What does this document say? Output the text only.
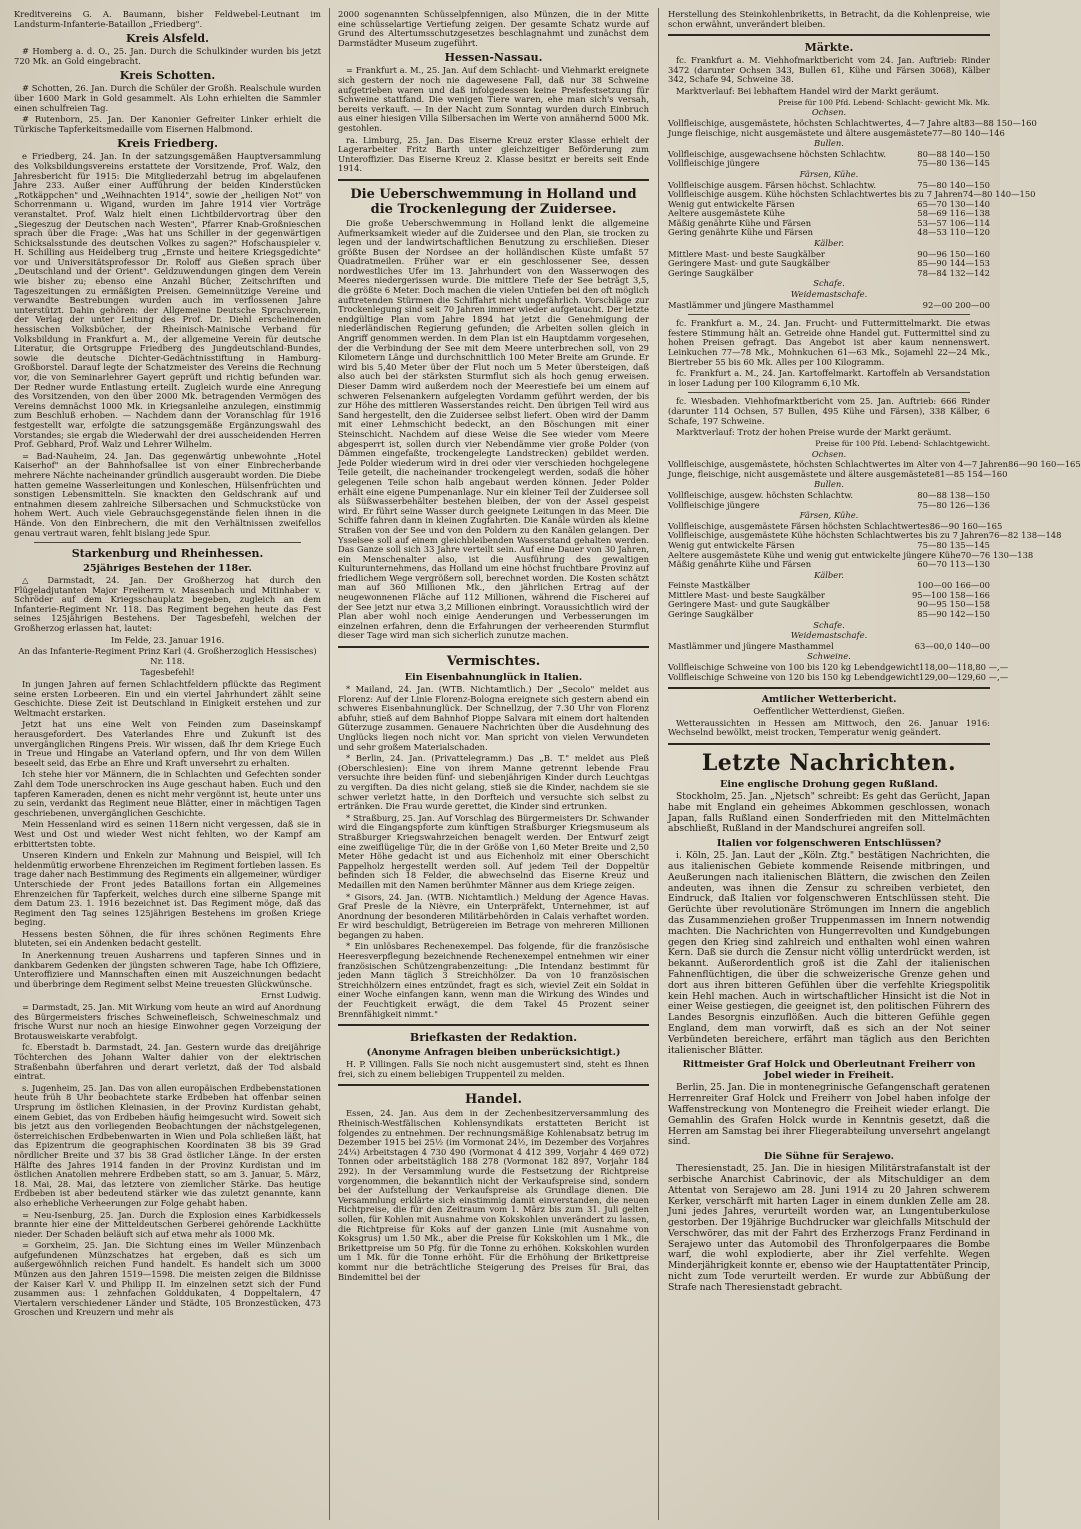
Kreditvereins G. A. Baumann, bisher Feldwebel-Leutnant im Landsturm-Infanterie-Bataillon „Friedberg".

Kreis Alsfeld.

# Homberg a. d. O., 25. Jan. Durch die Schulkinder wurden bis jetzt 720 Mk. an Gold eingebracht.

Kreis Schotten.

# Schotten, 26. Jan. Durch die Schüler der Großh. Realschule wurden über 1600 Mark in Gold gesammelt. Als Lohn erhielten die Sammler einen schulfreien Tag.

# Rutenborn, 25. Jan. Der Kanonier Gefreiter Linker erhielt die Türkische Tapferkeitsmedaille vom Eisernen Halbmond.

Kreis Friedberg.

e Friedberg, 24. Jan. In der satzungsgemäßen Hauptversammlung des Volksbildungsvereins erstattete der Vorsitzende, Prof. Walz, den Jahresbericht für 1915: Die Mitgliederzahl betrug im abgelaufenen Jahre 233. Außer einer Aufführung der beiden Kinderstücken „Rotkäppchen" und „Weihnachten 1914", sowie der „heiligen Not" von Schorrenmann u. Wigand, wurden im Jahre 1914 vier Vorträge veranstaltet. Prof. Walz hielt einen Lichtbildervortrag über den „Siegeszug der Deutschen nach Westen", Pfarrer Knab-Großnieschen sprach über die Frage: „Was hat uns Schiller in der gegenwärtigen Schicksalsstunde des deutschen Volkes zu sagen?" Hofschauspieler v. H. Schilling aus Heidelberg trug „Ernste und heitere Kriegsgedichte" vor und Universitätsprofessor Dr. Roloff aus Gießen sprach über „Deutschland und der Orient". Geldzuwendungen gingen dem Verein wie bisher zu; ebenso eine Anzahl Bücher, Zeitschriften und Tageszeitungen zu ermäßigten Preisen. Gemeinnützige Vereine und verwandte Bestrebungen wurden auch im verflossenen Jahre unterstützt. Dahin gehören: der Allgemeine Deutsche Sprachverein, der Verlag der unter Leitung des Prof. Dr. Diehl erscheinenden hessischen Volksbücher, der Rheinisch-Mainische Verband für Volksbildung in Frankfurt a. M., der allgemeine Verein für deutsche Literatur, die Ortsgruppe Friedberg des Jungdeutschland-Bundes, sowie die deutsche Dichter-Gedächtnisstiftung in Hamburg-Großborstel. Darauf legte der Schatzmeister des Vereins die Rechnung vor, die von Seminarlehrer Gayert geprüft und richtig befunden war. Der Redner wurde Entlastung erteilt. Zugleich wurde eine Anregung des Vorsitzenden, von den über 2000 Mk. betragenden Vermögen des Vereins demnächst 1000 Mk. in Kriegsanleihe anzulegen, einstimmig zum Beschluß erhoben. — Nachdem dann der Voranschlag für 1916 festgestellt war, erfolgte die satzungsgemäße Ergänzungswahl des Vorstandes; sie ergab die Wiederwahl der drei ausscheidenden Herren Prof. Gebhard, Prof. Walz und Lehrer Wilhelm.

= Bad-Nauheim, 24. Jan. Das gegenwärtig unbewohnte „Hotel Kaiserhof" an der Bahnhofsallee ist von einer Einbrecherbande mehrere Nächte nacheinander gründlich ausgeraubt worden. Die Diebe hatten gemeine Wasserleitungen und Konleschen, Hülsenfrüchten und sonstigen Lebensmitteln. Sie knackten den Geldschrank auf und entnahmen diesem zahlreiche Silbersachen und Schmuckstücke von hohem Wert. Auch viele Gebrauchsgegenstände fielen ihnen in die Hände. Von den Einbrechern, die mit den Verhältnissen zweifellos genau vertraut waren, fehlt bislang jede Spur.

Starkenburg und Rheinhessen.
25jähriges Bestehen der 118er.

△ Darmstadt, 24. Jan. Der Großherzog hat durch den Flügeladjutanten Major Freiherrn v. Massenbach und Mitinhaber v. Schröder auf dem Kriegsschauplatz begeben, zugleich an dem Infanterie-Regiment Nr. 118. Das Regiment begehen heute das Fest seines 125jährigen Bestehens. Der Tagesbefehl, welchen der Großherzog erlassen hat, lautet:

Im Felde, 23. Januar 1916.

An das Infanterie-Regiment Prinz Karl (4. Großherzoglich Hessisches) Nr. 118.

Tagesbefehl!

In jungen Jahren auf fernen Schlachtfeldern pflückte das Regiment seine ersten Lorbeeren. Ein und ein viertel Jahrhundert zählt seine Geschichte. Diese Zeit ist Deutschland in Einigkeit erstehen und zur Weltmacht erstarken.

Jetzt hat uns eine Welt von Feinden zum Daseinskampf herausgefordert. Des Vaterlandes Ehre und Zukunft ist des unvergänglichen Ringens Preis. Wir wissen, daß Ihr dem Kriege Euch in Treue und Hingabe an Vaterland opfern, und Ihr von dem Willen beseelt seid, das Erbe an Ehre und Kraft unversehrt zu erhalten.

Ich stehe hier vor Männern, die in Schlachten und Gefechten sonder Zahl dem Tode unerschrocken ins Auge geschaut haben. Euch und den tapferen Kameraden, denen es nicht mehr vergönnt ist, heute unter uns zu sein, verdankt das Regiment neue Blätter, einer in mächtigen Tagen geschriebenen, unvergänglichen Geschichte.

Mein Hessenland wird es seinen 118ern nicht vergessen, daß sie in West und Ost und wieder West nicht fehlten, wo der Kampf am erbittertsten tobte.

Unseren Kindern und Enkeln zur Mahnung und Beispiel, will Ich heldenmütig erworbene Ehrenzeichen im Regiment fortleben lassen. Es trage daher nach Bestimmung des Regiments ein allgemeiner, würdiger Unterschiede der Front jedes Bataillons fortan ein Allgemeines Ehrenzeichen für Tapferkeit, welches durch eine silberne Spange mit dem Datum 23. 1. 1916 bezeichnet ist. Das Regiment möge, daß das Regiment den Tag seines 125jährigen Bestehens im großen Kriege beging.

Hessens besten Söhnen, die für ihres schönen Regiments Ehre bluteten, sei ein Andenken bedacht gestellt.

In Anerkennung treuen Ausharrens und tapferen Sinnes und in dankbarem Gedenken der jüngsten schweren Tage, habe Ich Offiziere, Unteroffiziere und Mannschaften einen mit Auszeichnungen bedacht und überbringe dem Regiment selbst Meine treuesten Glückwünsche.

Ernst Ludwig.

= Darmstadt, 25. Jan. Mit Wirkung vom heute an wird auf Anordnung des Bürgermeisters frisches Schweinefleisch, Schweineschmalz und frische Wurst nur noch an hiesige Einwohner gegen Vorzeigung der Brotausweiskarte verabfolgt.

fc. Eberstadt b. Darmstadt, 24. Jan. Gestern wurde das dreijährige Töchterchen des Johann Walter dahier von der elektrischen Straßenbahn überfahren und derart verletzt, daß der Tod alsbald eintrat.

s. Jugenheim, 25. Jan. Das von allen europäischen Erdbebenstationen heute früh 8 Uhr beobachtete starke Erdbeben hat offenbar seinen Ursprung im östlichen Kleinasien, in der Provinz Kurdistan gehabt, einem Gebiet, das von Erdbeben häufig heimgesucht wird. Soweit sich bis jetzt aus den vorliegenden Beobachtungen der nächstgelegenen, österreichischen Erdbebenwarten in Wien und Pola schließen läßt, hat das Epizentrum die geographischen Koordinaten 38 bis 39 Grad nördlicher Breite und 37 bis 38 Grad östlicher Länge. In der ersten Hälfte des Jahres 1914 fanden in der Provinz Kurdistan und im östlichen Anatolien mehrere Erdbeben statt, so am 3. Januar, 5. März, 18. Mai, 28. Mai, das letztere von ziemlicher Stärke. Das heutige Erdbeben ist aber bedeutend stärker wie das zuletzt genannte, kann also erhebliche Verheerungen zur Folge gehabt haben.

= Neu-Isenburg, 25. Jan. Durch die Explosion eines Karbidkessels brannte hier eine der Mitteldeutschen Gerberei gehörende Lackhütte nieder. Der Schaden beläuft sich auf etwa mehr als 1000 Mk.

= Gorxheim, 25. Jan. Die Sichtung eines im Weiler Münzenbach aufgefundenen Münzschatzes hat ergeben, daß es sich um außergewöhnlich reichen Fund handelt. Es handelt sich um 3000 Münzen aus den Jahren 1519—1598. Die meisten zeigen die Bildnisse der Kaiser Karl V. und Philipp II. Im einzelnen setzt sich der Fund zusammen aus: 1 zehnfachen Golddukaten, 4 Doppeltalern, 47 Viertalern verschiedener Länder und Städte, 105 Bronzestücken, 473 Groschen und Kreuzern und mehr als

2000 sogenannten Schüsselpfennigen, also Münzen, die in der Mitte eine schüsselartige Vertiefung zeigen. Der gesamte Schatz wurde auf Grund des Altertumsschutzgesetzes beschlagnahmt und zunächst dem Darmstädter Museum zugeführt.

Hessen-Nassau.

= Frankfurt a. M., 25. Jan. Auf dem Schlacht- und Viehmarkt ereignete sich gestern der noch nie dagewesene Fall, daß nur 38 Schweine aufgetrieben waren und daß infolgedessen keine Preisfestsetzung für Schweine stattfand. Die wenigen Tiere waren, ehe man sich's versah, bereits verkauft. — In der Nacht zum Sonntag wurden durch Einbruch aus einer hiesigen Villa Silbersachen im Werte von annähernd 5000 Mk. gestohlen.

ra. Limburg, 25. Jan. Das Eiserne Kreuz erster Klasse erhielt der Lagerarbeiter Fritz Barth unter gleichzeitiger Beförderung zum Unteroffizier. Das Eiserne Kreuz 2. Klasse besitzt er bereits seit Ende 1914.

Die Ueberschwemmung in Holland und die Trockenlegung der Zuidersee.

Die große Ueberschwemmung in Holland lenkt die allgemeine Aufmerksamkeit wieder auf die Zuidersee und den Plan, sie trocken zu legen und der landwirtschaftlichen Benutzung zu erschließen. Dieser größte Busen der Nordsee an der holländischen Küste umfaßt 57 Quadratmeilen. Früher war er ein geschlossener See, dessen nordwestliches Ufer im 13. Jahrhundert von den Wasserwogen des Meeres niedergerissen wurde. Die mittlere Tiefe der See beträgt 3,5, die größte 6 Meter. Doch machen die vielen Untiefen bei den oft möglich auftretenden Stürmen die Schiffahrt nicht ungefährlich. Vorschläge zur Trockenlegung sind seit 70 Jahren immer wieder aufgetaucht. Der letzte endgültige Plan vom Jahre 1894 hat jetzt die Genehmigung der niederländischen Regierung gefunden; die Arbeiten sollen gleich in Angriff genommen werden. In dem Plan ist ein Hauptdamm vorgesehen, der die Verbindung der See mit dem Meere unterbrechen soll, von 29 Kilometern Länge und durchschnittlich 100 Meter Breite am Grunde. Er wird bis 5,40 Meter über der Flut noch um 5 Meter übersteigen, daß also auch bei der stärksten Sturmflut sich als hoch genug erweisen. Dieser Damm wird außerdem noch der Meerestiefe bei um einem auf schweren Felsenankern aufgelegten Vordamm geführt werden, der bis zur Höhe des mittleren Wasserstandes reicht. Den übrigen Teil wird aus Sand hergestellt, den die Zuidersee selbst liefert. Oben wird der Damm mit einer Lehmschicht bedeckt, an den Böschungen mit einer Steinschicht. Nachdem auf diese Weise die See wieder vom Meere abgesperrt ist, sollen durch vier Nebendämme vier große Polder (von Dämmen eingefaßte, trockengelegte Landstrecken) gebildet werden. Jede Polder wiederum wird in drei oder vier verschieden hochgelegene Teile geteilt, die nacheinander trockengelegt werden, sodaß die höher gelegenen Teile schon halb angebaut werden können. Jeder Polder erhält eine eigene Pumpenanlage. Nur ein kleiner Teil der Zuidersee soll als Süßwasserbehälter bestehen bleiben, der von der Assel gespeist wird. Er führt seine Wasser durch geeignete Leitungen in das Meer. Die Schiffe fahren dann in kleinen Zugfahrten. Die Kanäle würden als kleine Straßen von der See und von den Poldern zu den Kanälen gelangen. Der Ysselsee soll auf einem gleichbleibenden Wasserstand gehalten werden. Das Ganze soll sich 33 Jahre verteilt sein. Auf eine Dauer von 30 Jahren, ein Menschenalter also, ist die Ausführung des gewaltigen Kulturunternehmens, das Holland um eine höchst fruchtbare Provinz auf friedlichem Wege vergrößern soll, berechnet worden. Die Kosten schätzt man auf 360 Millionen Mk., den jährlichen Ertrag auf der neugewonnenen Fläche auf 112 Millionen, während die Fischerei auf der See jetzt nur etwa 3,2 Millionen einbringt. Voraussichtlich wird der Plan aber wohl noch einige Aenderungen und Verbesserungen im einzelnen erfahren, denn die Erfahrungen der verheerenden Sturmflut dieser Tage wird man sich sicherlich zunutze machen.

Vermischtes.
Ein Eisenbahnunglück in Italien.

* Mailand, 24. Jan. (WTB. Nichtamtlich.) Der „Secolo" meldet aus Florenz: Auf der Linie Florenz-Bologna ereignete sich gestern abend ein schweres Eisenbahnunglück. Der Schnellzug, der 7.30 Uhr von Florenz abfuhr, stieß auf dem Bahnhof Pioppe Salvara mit einem dort haltenden Güterzuge zusammen. Genauere Nachrichten über die Ausdehnung des Unglücks liegen noch nicht vor. Man spricht von vielen Verwundeten und sehr großem Materialschaden.

* Berlin, 24. Jan. (Privattelegramm.) Das „B. T." meldet aus Pleß (Oberschlesien): Eine von ihrem Manne getrennt lebende Frau versuchte ihre beiden fünf- und siebenjährigen Kinder durch Leuchtgas zu vergiften. Da dies nicht gelang, stieß sie die Kinder, nachdem sie sie schwer verletzt hatte, in den Dorfteich und versuchte sich selbst zu ertränken. Die Frau wurde gerettet, die Kinder sind ertrunken.

* Straßburg, 25. Jan. Auf Vorschlag des Bürgermeisters Dr. Schwander wird die Eingangspforte zum künftigen Straßburger Kriegsmuseum als Straßburger Kriegswahrzeichen benagelt werden. Der Entwurf zeigt eine zweiflügelige Tür, die in der Größe von 1,60 Meter Breite und 2,50 Meter Höhe gedacht ist und aus Eichenholz mit einer Oberschicht Pappelholz hergestellt werden soll. Auf jedem Teil der Doppeltür befinden sich 18 Felder, die abwechselnd das Eiserne Kreuz und Medaillen mit den Namen berühmter Männer aus dem Kriege zeigen.

* Gisors, 24. Jan. (WTB. Nichtamtlich.) Meldung der Agence Havas. Graf Presle de la Nièvre, ein Unterpräfekt, Unternehmer, ist auf Anordnung der besonderen Militärbehörden in Calais verhaftet worden. Er wird beschuldigt, Betrügereien im Betrage von mehreren Millionen begangen zu haben.

* Ein unlösbares Rechenexempel. Das folgende, für die französische Heeresverpflegung bezeichnende Rechenexempel entnehmen wir einer französischen Schützengrabenzeitung: „Die Intendanz bestimmt für jeden Mann täglich 3 Streichhölzer. Da von 10 französischen Streichhölzern eines entzündet, fragt es sich, wieviel Zeit ein Soldat in einer Woche einfangen kann, wenn man die Wirkung des Windes und der Feuchtigkeit erwägt, die dem Takel 45 Prozent seiner Brennfähigkeit nimmt."

Briefkasten der Redaktion.
(Anonyme Anfragen bleiben unberücksichtigt.)

H. P. Villingen. Falls Sie noch nicht ausgemustert sind, steht es Ihnen frei, sich zu einem beliebigen Truppenteil zu melden.

Handel.

Essen, 24. Jan. Aus dem in der Zechenbesitzerversammlung des Rheinisch-Westfälischen Kohlensyndikats erstatteten Bericht ist folgendes zu entnehmen. Der rechnungsmäßige Kohlenabsatz betrug im Dezember 1915 bei 25½ (im Vormonat 24½, im Dezember des Vorjahres 24¼) Arbeitstagen 4 730 490 (Vormonat 4 412 399, Vorjahr 4 469 072) Tonnen oder arbeitstäglich 188 278 (Vormonat 182 897, Vorjahr 184 292). In der Versammlung wurde die Festsetzung der Richtpreise vorgenommen, die bekanntlich nicht der Verkaufspreise sind, sondern bei der Aufstellung der Verkaufspreise als Grundlage dienen. Die Versammlung erklärte sich einstimmig damit einverstanden, die neuen Richtpreise, die für den Zeitraum vom 1. März bis zum 31. Juli gelten sollen, für Kohlen mit Ausnahme von Kokskohlen unverändert zu lassen, die Richtpreise für Koks auf der ganzen Linie (mit Ausnahme von Koksgrus) um 1.50 Mk., aber die Preise für Kokskohlen um 1 Mk., die Brikettpreise um 50 Pfg. für die Tonne zu erhöhen. Kokskohlen wurden um 1 Mk. für die Tonne erhöht. Für die Erhöhung der Brikettpreise kommt nur die beträchtliche Steigerung des Preises für Brai, das Bindemittel bei der

Herstellung des Steinkohlenbriketts, in Betracht, da die Kohlenpreise, wie schon erwähnt, unverändert bleiben.

Märkte.

fc. Frankfurt a. M. Viehhofmarktbericht vom 24. Jan. Auftrieb: Rinder 3472 (darunter Ochsen 343, Bullen 61, Kühe und Färsen 3068), Kälber 342, Schafe 94, Schweine 38.

Marktverlauf: Bei lebhaftem Handel wird der Markt geräumt.

Preise für 100 Pfd. Lebend- Schlacht- gewicht Mk. Mk.
Ochsen.
Vollfleischige, ausgemästete, höchsten Schlachtwertes, 4—7 Jahre alt 83—88 150—160
Junge fleischige, nicht ausgemästete und ältere ausgemästete 77—80 140—146
Bullen.
Vollfleischige, ausgewachsene höchsten Schlachtw.	80—88 140—150
Vollfleischige jüngere	75—80 136—145
Färsen, Kühe.
Vollfleischige ausgem. Färsen höchst. Schlachtw.	75—80 140—150
Vollfleischige ausgem. Kühe höchsten Schlachtwertes bis zu 7 Jahren 74—80 140—150
Wenig gut entwickelte Färsen	65—70 130—140
Aeltere ausgemästete Kühe	58—69 116—138
Mäßig genährte Kühe und Färsen	53—57 106—114
Gering genährte Kühe und Färsen	48—53 110—120
Kälber.
Mittlere Mast- und beste Saugkälber	90—96 150—160
Geringere Mast- und gute Saugkälber	85—90 144—153
Geringe Saugkälber	78—84 132—142
Schafe.
Weidemastschafe.
Mastlämmer und jüngere Masthammel	92—00 200—00

fc. Frankfurt a. M., 24. Jan. Frucht- und Futtermittelmarkt. Die etwas festere Stimmung hält an. Getreide ohne Handel gut. Futtermittel sind zu hohen Preisen gefragt. Das Angebot ist aber kaum nennenswert. Leinkuchen 77—78 Mk., Mohnkuchen 61—63 Mk., Sojamehl 22—24 Mk., Biertreber 55 bis 60 Mk. Alles per 100 Kilogramm.

fc. Frankfurt a. M., 24. Jan. Kartoffelmarkt. Kartoffeln ab Versandstation in loser Ladung per 100 Kilogramm 6,10 Mk.

fc. Wiesbaden. Viehhofmarktbericht vom 25. Jan. Auftrieb: 666 Rinder (darunter 114 Ochsen, 57 Bullen, 495 Kühe und Färsen), 338 Kälber, 6 Schafe, 197 Schweine.

Marktverlauf: Trotz der hohen Preise wurde der Markt geräumt.

Preise für 100 Pfd. Lebend- Schlachtgewicht.
Ochsen.
Vollfleischige, ausgemästete, höchsten Schlachtwertes im Alter von 4—7 Jahren 86—90 160—165
Junge, fleischige, nicht ausgemästete und ältere ausgemästete 81—85 154—160
Bullen.
Vollfleischige, ausgew. höchsten Schlachtw.	80—88 138—150
Vollfleischige jüngere	75—80 126—136
Färsen, Kühe.
Vollfleischige, ausgemästete Färsen höchsten Schlachtwertes 86—90 160—165
Vollfleischige, ausgemästete Kühe höchsten Schlachtwertes bis zu 7 Jahren 76—82 138—148
Wenig gut entwickelte Färsen	75—80 135—145
Aeltere ausgemästete Kühe und wenig gut entwickelte jüngere Kühe 70—76 130—138
Mäßig genährte Kühe und Färsen	60—70 113—130
Kälber.
Feinste Mastkälber	100—00 166—00
Mittlere Mast- und beste Saugkälber	95—100 158—166
Geringere Mast- und gute Saugkälber	90—95 150—158
Geringe Saugkälber	85—90 142—150
Schafe.
Weidemastschafe.
Mastlämmer und jüngere Masthammel	63—00,0 140—00
Schweine.
Vollfleischige Schweine von 100 bis 120 kg Lebendgewicht 118,00—118,80 —,—
Vollfleischige Schweine von 120 bis 150 kg Lebendgewicht 129,00—129,60 —,—
Amtlicher Wetterbericht.

Oeffentlicher Wetterdienst, Gießen.

Wetteraussichten in Hessen am Mittwoch, den 26. Januar 1916: Wechselnd bewölkt, meist trocken, Temperatur wenig geändert.

Letzte Nachrichten.
Eine englische Drohung gegen Rußland.

Stockholm, 25. Jan. „Njetsch" schreibt: Es geht das Gerücht, Japan habe mit England ein geheimes Abkommen geschlossen, wonach Japan, falls Rußland einen Sonderfrieden mit den Mittelmächten abschließt, Rußland in der Mandschurei angreifen soll.

Italien vor folgenschweren Entschlüssen?

i. Köln, 25. Jan. Laut der „Köln. Ztg." bestätigen Nachrichten, die aus italienischen Gebiete kommende Reisende mitbringen, und Aeußerungen nach italienischen Blättern, die zwischen den Zeilen andeuten, was ihnen die Zensur zu schreiben verbietet, den Eindruck, daß Italien vor folgenschweren Entschlüssen steht. Die Gerüchte über revolutionäre Strömungen im Innern die angeblich das Zusammenziehen großer Truppenmassen im Innern notwendig machten. Die Nachrichten von Hungerrevolten und Kundgebungen gegen den Krieg sind zahlreich und enthalten wohl einen wahren Kern. Daß sie durch die Zensur nicht völlig unterdrückt werden, ist bekannt. Außerordentlich groß ist die Zahl der italienischen Fahnenflüchtigen, die über die schweizerische Grenze gehen und dort aus ihren bitteren Gefühlen über die verfehlte Kriegspolitik kein Hehl machen. Auch in wirtschaftlicher Hinsicht ist die Not in einer Weise gestiegen, die geeignet ist, den politischen Führern des Landes Besorgnis einzuflößen. Auch die bitteren Gefühle gegen England, dem man vorwirft, daß es sich an der Not seiner Verbündeten bereichere, erfährt man täglich aus den Berichten italienischer Blätter.

Rittmeister Graf Holck und Oberleutnant Freiherr von Jobel wieder in Freiheit.

Berlin, 25. Jan. Die in montenegrinische Gefangenschaft geratenen Herrenreiter Graf Holck und Freiherr von Jobel haben infolge der Waffenstreckung von Montenegro die Freiheit wieder erlangt. Die Gemahlin des Grafen Holck wurde in Kenntnis gesetzt, daß die Herren am Samstag bei ihrer Fliegerabteilung unversehrt angelangt sind.

Die Sühne für Serajewo.

Theresienstadt, 25. Jan. Die in hiesigen Militärstrafanstalt ist der serbische Anarchist Cabrinovic, der als Mitschuldiger an dem Attentat von Serajewo am 28. Juni 1914 zu 20 Jahren schwerem Kerker, verschärft mit harten Lager in einem dunklen Zelle am 28. Juni jedes Jahres, verurteilt worden war, an Lungentuberkulose gestorben. Der 19jährige Buchdrucker war gleichfalls Mitschuld der Verschwörer, das mit der Fahrt des Erzherzogs Franz Ferdinand in Serajewo unter das Automobil des Thronfolgerpaares die Bombe warf, die wohl explodierte, aber ihr Ziel verfehlte. Wegen Minderjährigkeit konnte er, ebenso wie der Hauptattentäter Princip, nicht zum Tode verurteilt werden. Er wurde zur Abbüßung der Strafe nach Theresienstadt gebracht.
